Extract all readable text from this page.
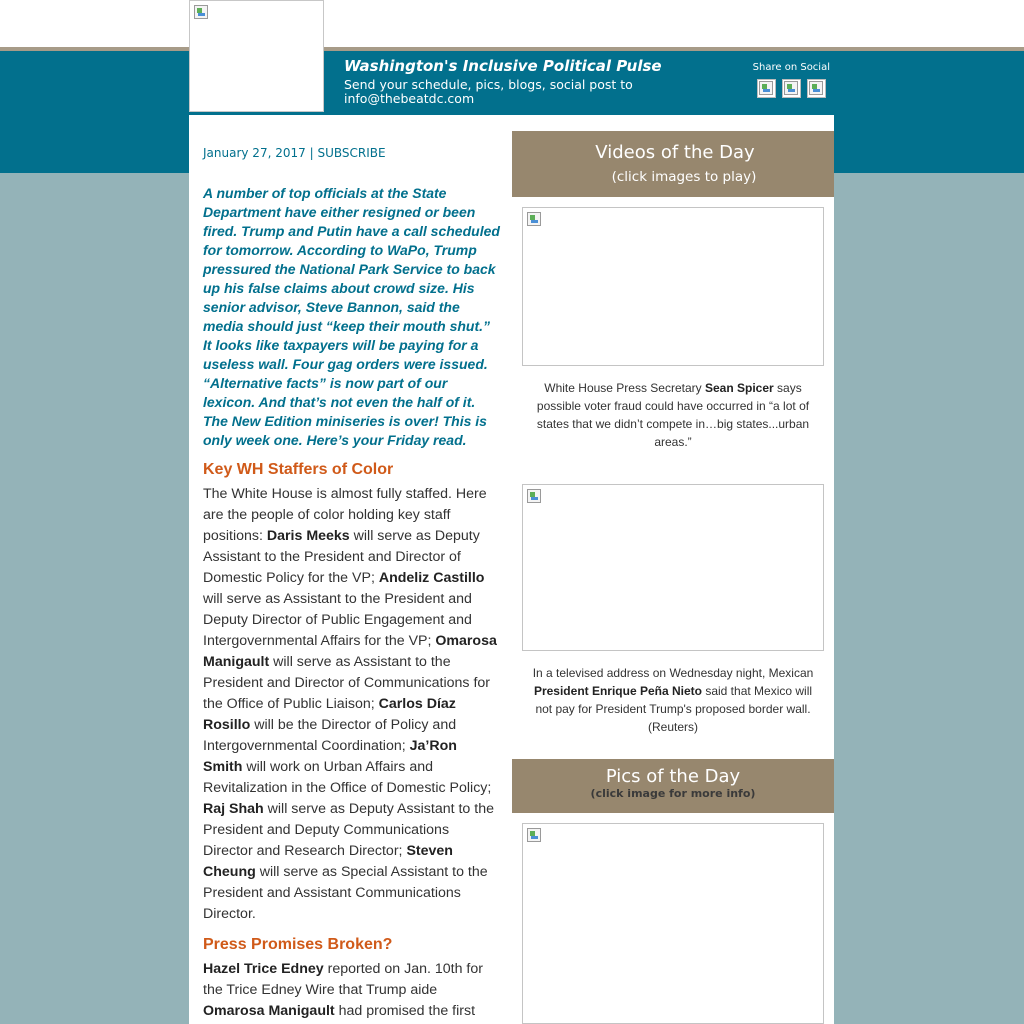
Washington's Inclusive Political Pulse
Send your schedule, pics, blogs, social post to info@thebeatdc.com
Share on Social
January 27, 2017 | SUBSCRIBE

A number of top officials at the State Department have either resigned or been fired. Trump and Putin have a call scheduled for tomorrow. According to WaPo, Trump pressured the National Park Service to back up his false claims about crowd size. His senior advisor, Steve Bannon, said the media should just “keep their mouth shut.” It looks like taxpayers will be paying for a useless wall. Four gag orders were issued. “Alternative facts” is now part of our lexicon. And that’s not even the half of it. The New Edition miniseries is over! This is only week one. Here’s your Friday read.

Key WH Staffers of Color

The White House is almost fully staffed. Here are the people of color holding key staff positions: Daris Meeks will serve as Deputy Assistant to the President and Director of Domestic Policy for the VP; Andeliz Castillo will serve as Assistant to the President and Deputy Director of Public Engagement and Intergovernmental Affairs for the VP; Omarosa Manigault will serve as Assistant to the President and Director of Communications for the Office of Public Liaison; Carlos Díaz Rosillo will be the Director of Policy and Intergovernmental Coordination; Ja’Ron Smith will work on Urban Affairs and Revitalization in the Office of Domestic Policy; Raj Shah will serve as Deputy Assistant to the President and Deputy Communications Director and Research Director; Steven Cheung will serve as Special Assistant to the President and Assistant Communications Director.

Press Promises Broken?

Hazel Trice Edney reported on Jan. 10th for the Trice Edney Wire that Trump aide Omarosa Manigault had promised the first

Videos of the Day
(click images to play)

White House Press Secretary Sean Spicer says possible voter fraud could have occurred in “a lot of states that we didn’t compete in…big states...urban areas.”

In a televised address on Wednesday night, Mexican President Enrique Peña Nieto said that Mexico will not pay for President Trump's proposed border wall. (Reuters)

Pics of the Day
(click image for more info)
